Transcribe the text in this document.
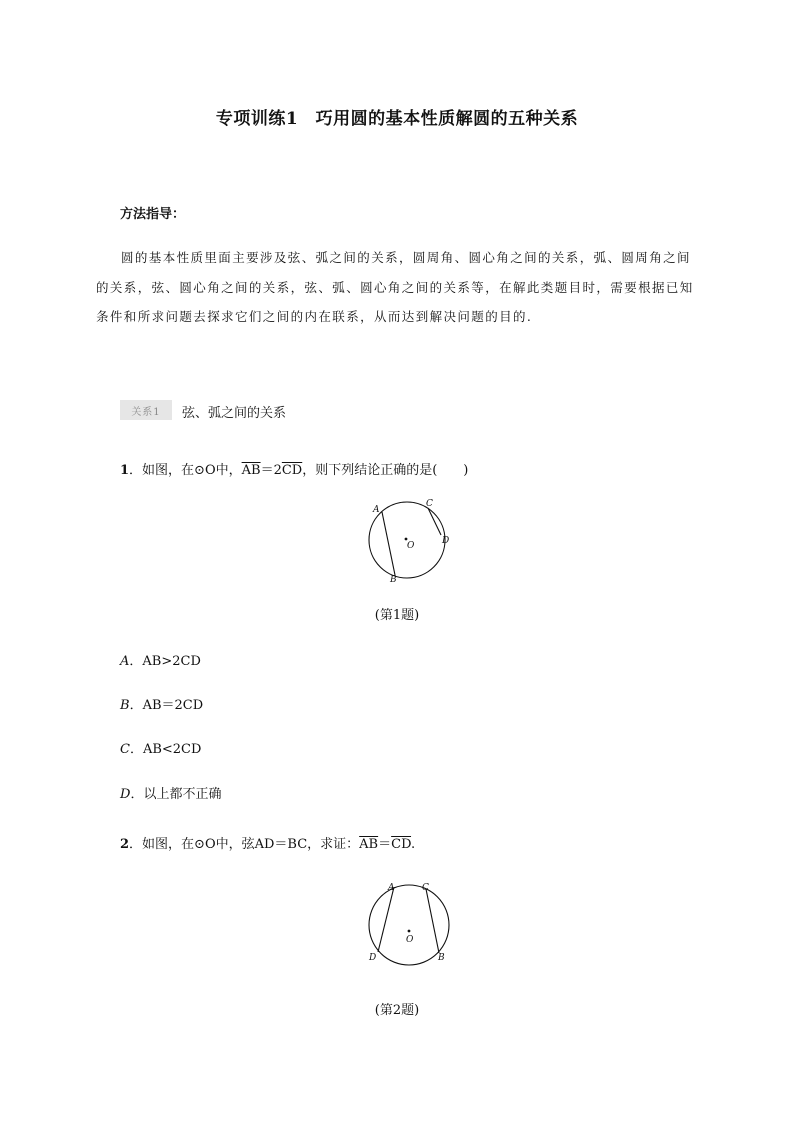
专项训练1　巧用圆的基本性质解圆的五种关系
方法指导：
圆的基本性质里面主要涉及弦、弧之间的关系，圆周角、圆心角之间的关系，弧、圆周角之间的关系，弦、圆心角之间的关系，弦、弧、圆心角之间的关系等，在解此类题目时，需要根据已知条件和所求问题去探求它们之间的内在联系，从而达到解决问题的目的.
关系1	弦、弧之间的关系
1．如图，在⊙O中，$\overline{AB}=2\overline{CD}$，则下列结论正确的是(　　)
A
B
C
D
O
(第1题)
A．AB>2CD
B．AB＝2CD
C．AB<2CD
D．以上都不正确
2．如图，在⊙O中，弦AD＝BC，求证：$\overline{AB}=\overline{CD}$.
A	C
D	B
O
(第2题)
